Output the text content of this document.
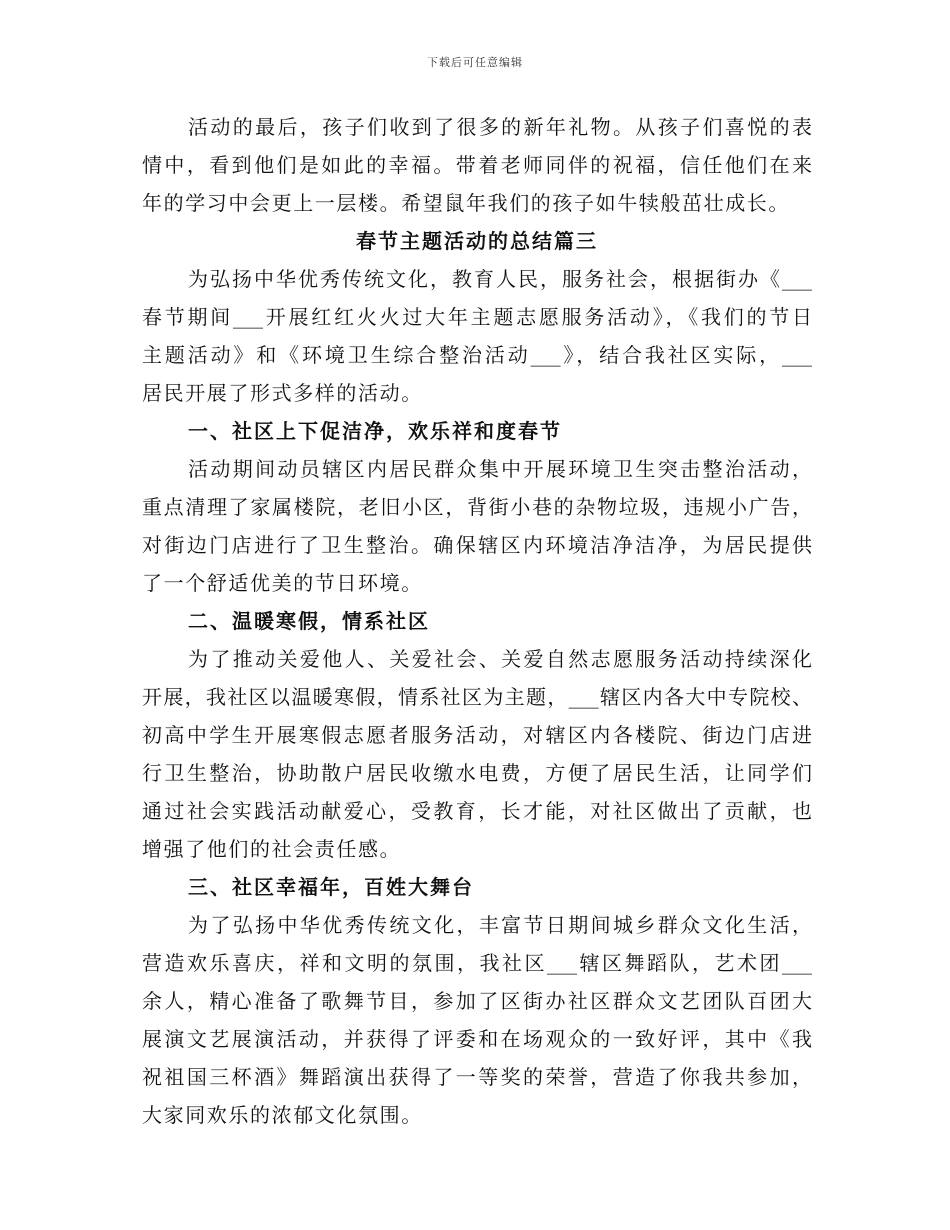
下载后可任意编辑
活动的最后，孩子们收到了很多的新年礼物。从孩子们喜悦的表
情中，看到他们是如此的幸福。带着老师同伴的祝福，信任他们在来
年的学习中会更上一层楼。希望鼠年我们的孩子如牛犊般茁壮成长。
春节主题活动的总结篇三
为弘扬中华优秀传统文化，教育人民，服务社会，根据街办《___
春节期间___开展红红火火过大年主题志愿服务活动》，《我们的节日
主题活动》和《环境卫生综合整治活动___》，结合我社区实际，___
居民开展了形式多样的活动。
一、社区上下促洁净，欢乐祥和度春节
活动期间动员辖区内居民群众集中开展环境卫生突击整治活动，
重点清理了家属楼院，老旧小区，背街小巷的杂物垃圾，违规小广告，
对街边门店进行了卫生整治。确保辖区内环境洁净洁净，为居民提供
了一个舒适优美的节日环境。
二、温暖寒假，情系社区
为了推动关爱他人、关爱社会、关爱自然志愿服务活动持续深化
开展，我社区以温暖寒假，情系社区为主题，___辖区内各大中专院校、
初高中学生开展寒假志愿者服务活动，对辖区内各楼院、街边门店进
行卫生整治，协助散户居民收缴水电费，方便了居民生活，让同学们
通过社会实践活动献爱心，受教育，长才能，对社区做出了贡献，也
增强了他们的社会责任感。
三、社区幸福年，百姓大舞台
为了弘扬中华优秀传统文化，丰富节日期间城乡群众文化生活，
营造欢乐喜庆，祥和文明的氛围，我社区___辖区舞蹈队，艺术团___
余人，精心准备了歌舞节目，参加了区街办社区群众文艺团队百团大
展演文艺展演活动，并获得了评委和在场观众的一致好评，其中《我
祝祖国三杯酒》舞蹈演出获得了一等奖的荣誉，营造了你我共参加，
大家同欢乐的浓郁文化氛围。
